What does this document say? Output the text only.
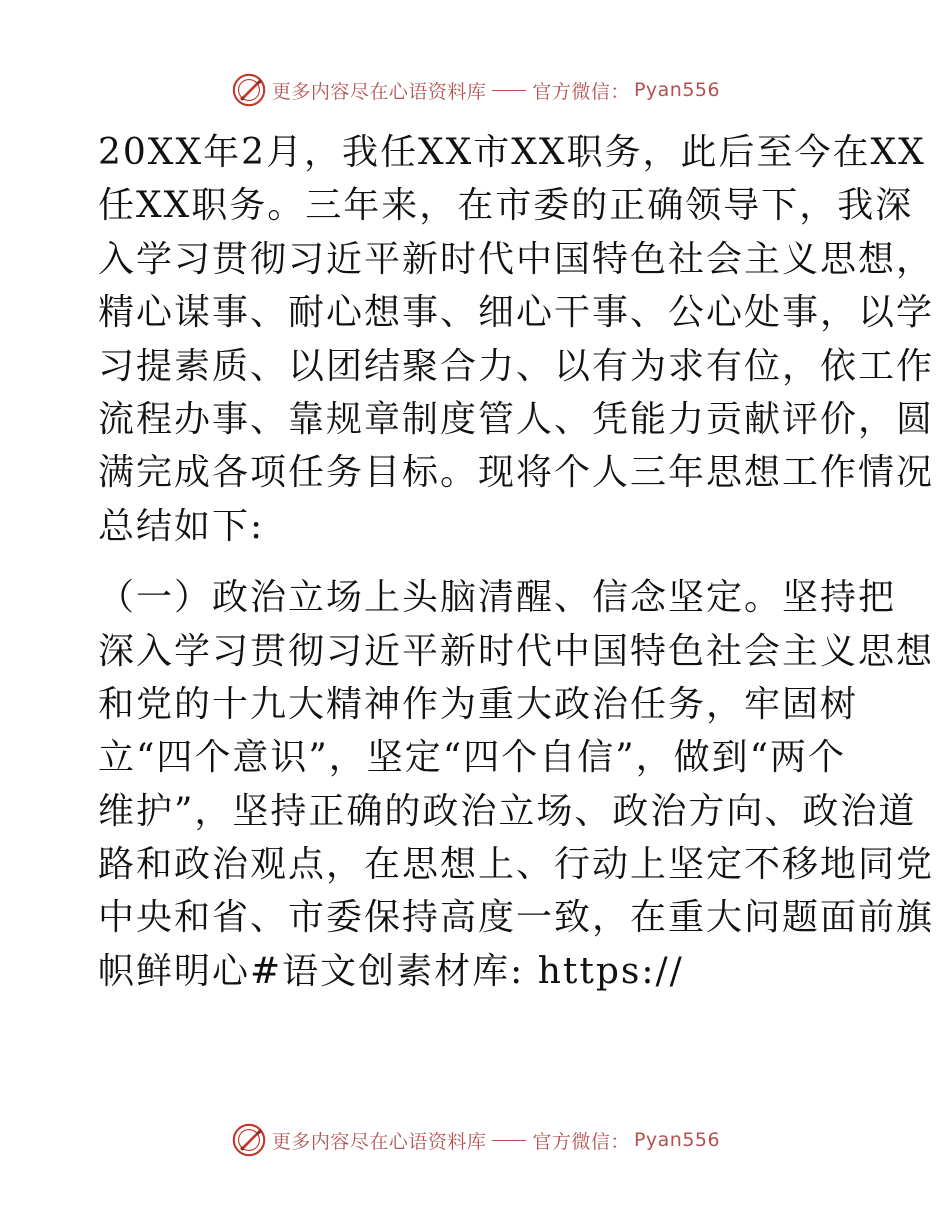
更多内容尽在心语资料库 官方微信： Pyan556
20XX年2月，我任XX市XX职务，此后至今在XX
任XX职务。三年来，在市委的正确领导下，我深
入学习贯彻习近平新时代中国特色社会主义思想，
精心谋事、耐心想事、细心干事、公心处事，以学
习提素质、以团结聚合力、以有为求有位，依工作
流程办事、靠规章制度管人、凭能力贡献评价，圆
满完成各项任务目标。现将个人三年思想工作情况
总结如下:
（一）政治立场上头脑清醒、信念坚定。坚持把
深入学习贯彻习近平新时代中国特色社会主义思想
和党的十九大精神作为重大政治任务，牢固树
立“四个意识”，坚定“四个自信”，做到“两个
维护”，坚持正确的政治立场、政治方向、政治道
路和政治观点，在思想上、行动上坚定不移地同党
中央和省、市委保持高度一致，在重大问题面前旗
帜鲜明心#语文创素材库: https://
更多内容尽在心语资料库 官方微信： Pyan556
